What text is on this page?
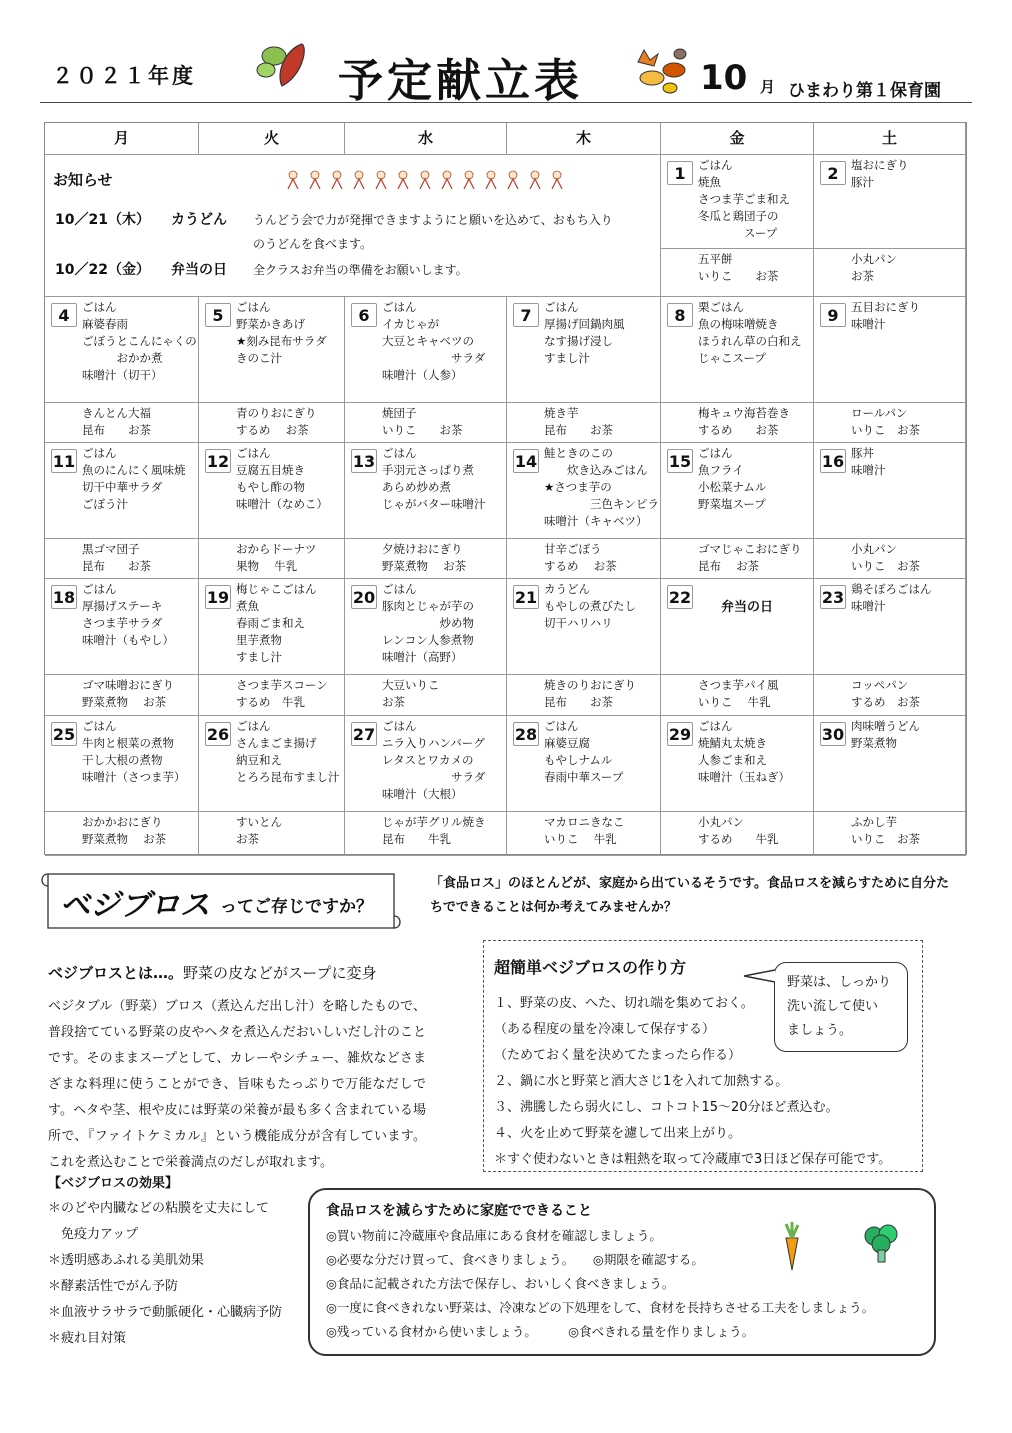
２０２１年度	予定献立表	10 月 ひまわり第１保育園
月	火	水	木	金	土
1	ごはん
焼魚
さつま芋ごま和え
冬瓜と鶏団子の
　　　　スープ
五平餅
いりこ　　お茶
2	塩おにぎり
豚汁
小丸パン
お茶
4	ごはん
麻婆春雨
ごぼうとこんにゃくの
　　　おかか煮
味噌汁（切干）
きんとん大福
昆布　　お茶
5	ごはん
野菜かきあげ
★刻み昆布サラダ
きのこ汁
青のりおにぎり
するめ　 お茶
6	ごはん
イカじゃが
大豆とキャベツの
　　　　　　サラダ
味噌汁（人参）
焼団子
いりこ　　お茶
7	ごはん
厚揚げ回鍋肉風
なす揚げ浸し
すまし汁
焼き芋
昆布　　お茶
8	栗ごはん
魚の梅味噌焼き
ほうれん草の白和え
じゃこスープ
梅キュウ海苔巻き
するめ　　お茶
9	五目おにぎり
味噌汁
ロールパン
いりこ　お茶
11 ごはん
魚のにんにく風味焼
切干中華サラダ
ごぼう汁
黒ゴマ団子
昆布　　お茶
12 ごはん
豆腐五目焼き
もやし酢の物
味噌汁（なめこ）
おからドーナツ
果物　 牛乳
13 ごはん
手羽元さっぱり煮
あらめ炒め煮
じゃがバター味噌汁
夕焼けおにぎり
野菜煮物　 お茶
14 鮭ときのこの
　　炊き込みごはん
★さつま芋の
　　　　三色キンピラ
味噌汁（キャベツ）
甘辛ごぼう
するめ　 お茶
15 ごはん
魚フライ
小松菜ナムル
野菜塩スープ
ゴマじゃこおにぎり
昆布　 お茶
16 豚丼
味噌汁
小丸パン
いりこ　お茶
18 ごはん
厚揚げステーキ
さつま芋サラダ
味噌汁（もやし）
ゴマ味噌おにぎり
野菜煮物　 お茶
19 梅じゃこごはん
煮魚
春雨ごま和え
里芋煮物
すまし汁
さつま芋スコーン
するめ　牛乳
20 ごはん
豚肉とじゃが芋の
　　　　　炒め物
レンコン人参煮物
味噌汁（高野）
大豆いりこ
お茶
21 カうどん
もやしの煮びたし
切干ハリハリ
焼きのりおにぎり
昆布　　お茶
22
弁当の日
さつま芋パイ風
いりこ　 牛乳
23 鶏そぼろごはん
味噌汁
コッペパン
するめ　お茶
25 ごはん
牛肉と根菜の煮物
干し大根の煮物
味噌汁（さつま芋）
おかかおにぎり
野菜煮物　 お茶
26 ごはん
さんまごま揚げ
納豆和え
とろろ昆布すまし汁
すいとん
お茶
27 ごはん
ニラ入りハンバーグ
レタスとワカメの
　　　　　　サラダ
味噌汁（大根）
じゃが芋グリル焼き
昆布　　牛乳
28 ごはん
麻婆豆腐
もやしナムル
春雨中華スープ
マカロニきなこ
いりこ　 牛乳
29 ごはん
焼鯖丸太焼き
人参ごま和え
味噌汁（玉ねぎ）
小丸パン
するめ　　牛乳
30 肉味噌うどん
野菜煮物
ふかし芋
いりこ　お茶
お知らせ
10／21（木） カうどん うんどう会で力が発揮できますようにと願いを込めて、おもち入り
のうどんを食べます。
10／22（金） 弁当の日 全クラスお弁当の準備をお願いします。
ベジブロス ってご存じですか？
「食品ロス」のほとんどが、家庭から出ているそうです。食品ロスを減らすために自分たちでできることは何か考えてみませんか？
ベジブロスとは…。野菜の皮などがスープに変身
ベジタブル（野菜）ブロス（煮込んだ出し汁）を略したもので、普段捨てている野菜の皮やヘタを煮込んだおいしいだし汁のことです。そのままスープとして、カレーやシチュー、雑炊などさまざまな料理に使うことができ、旨味もたっぷりで万能なだしです。ヘタや茎、根や皮には野菜の栄養が最も多く含まれている場所で、『ファイトケミカル』という機能成分が含有しています。これを煮込むことで栄養満点のだしが取れます。
【ベジブロスの効果】
＊のどや内臓などの粘膜を丈夫にして
　免疫力アップ
＊透明感あふれる美肌効果
＊酵素活性でがん予防
＊血液サラサラで動脈硬化・心臓病予防
＊疲れ目対策
超簡単ベジブロスの作り方
１、野菜の皮、へた、切れ端を集めておく。
（ある程度の量を冷凍して保存する）
（ためておく量を決めてたまったら作る）
２、鍋に水と野菜と酒大さじ1を入れて加熱する。
３、沸騰したら弱火にし、コトコト15～20分ほど煮込む。
４、火を止めて野菜を濾して出来上がり。
＊すぐ使わないときは粗熱を取って冷蔵庫で3日ほど保存可能です。
野菜は、しっかり
洗い流して使い
ましょう。
食品ロスを減らすために家庭でできること
◎買い物前に冷蔵庫や食品庫にある食材を確認しましょう。
◎必要な分だけ買って、食べきりましょう。　　◎期限を確認する。
◎食品に記載された方法で保存し、おいしく食べきましょう。
◎一度に食べきれない野菜は、冷凍などの下処理をして、食材を長持ちさせる工夫をしましょう。
◎残っている食材から使いましょう。　　　◎食べきれる量を作りましょう。
